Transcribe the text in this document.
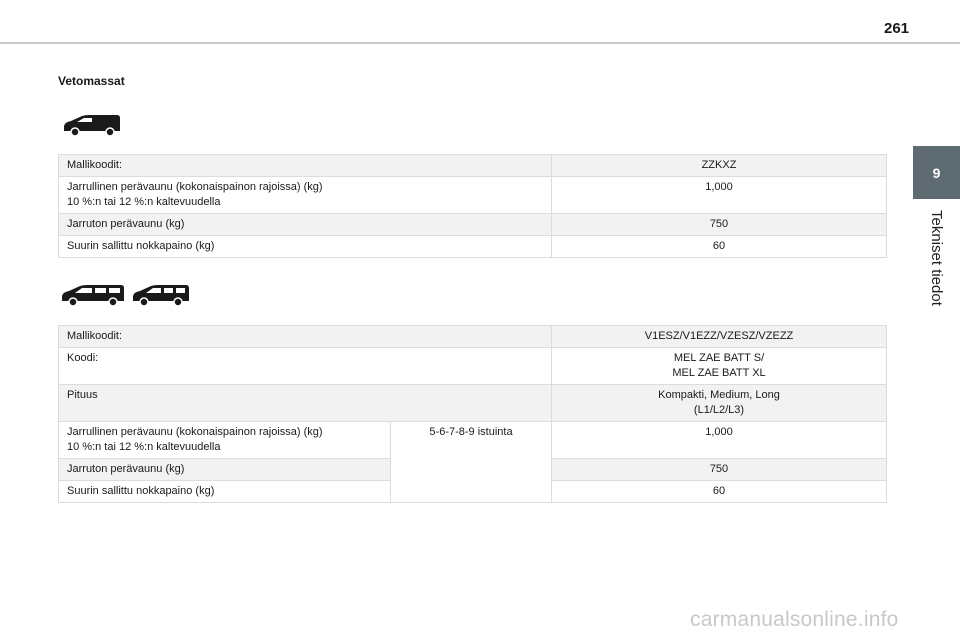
261
Vetomassat
Mallikoodit:	ZZKXZ

Jarrullinen perävaunu (kokonaispainon rajoissa) (kg)
10 %:n tai 12 %:n kaltevuudella	1,000

Jarruton perävaunu (kg)	750

Suurin sallittu nokkapaino (kg)	60
Mallikoodit:		V1ESZ/V1EZZ/VZESZ/VZEZZ

Koodi:		MEL ZAE BATT S/
MEL ZAE BATT XL

Pituus		Kompakti, Medium, Long
(L1/L2/L3)

Jarrullinen perävaunu (kokonaispainon rajoissa) (kg)
10 %:n tai 12 %:n kaltevuudella	5-6-7-8-9 istuinta	1,000

Jarruton perävaunu (kg)		750

Suurin sallittu nokkapaino (kg)		60
9
Tekniset tiedot
carmanualsonline.info
